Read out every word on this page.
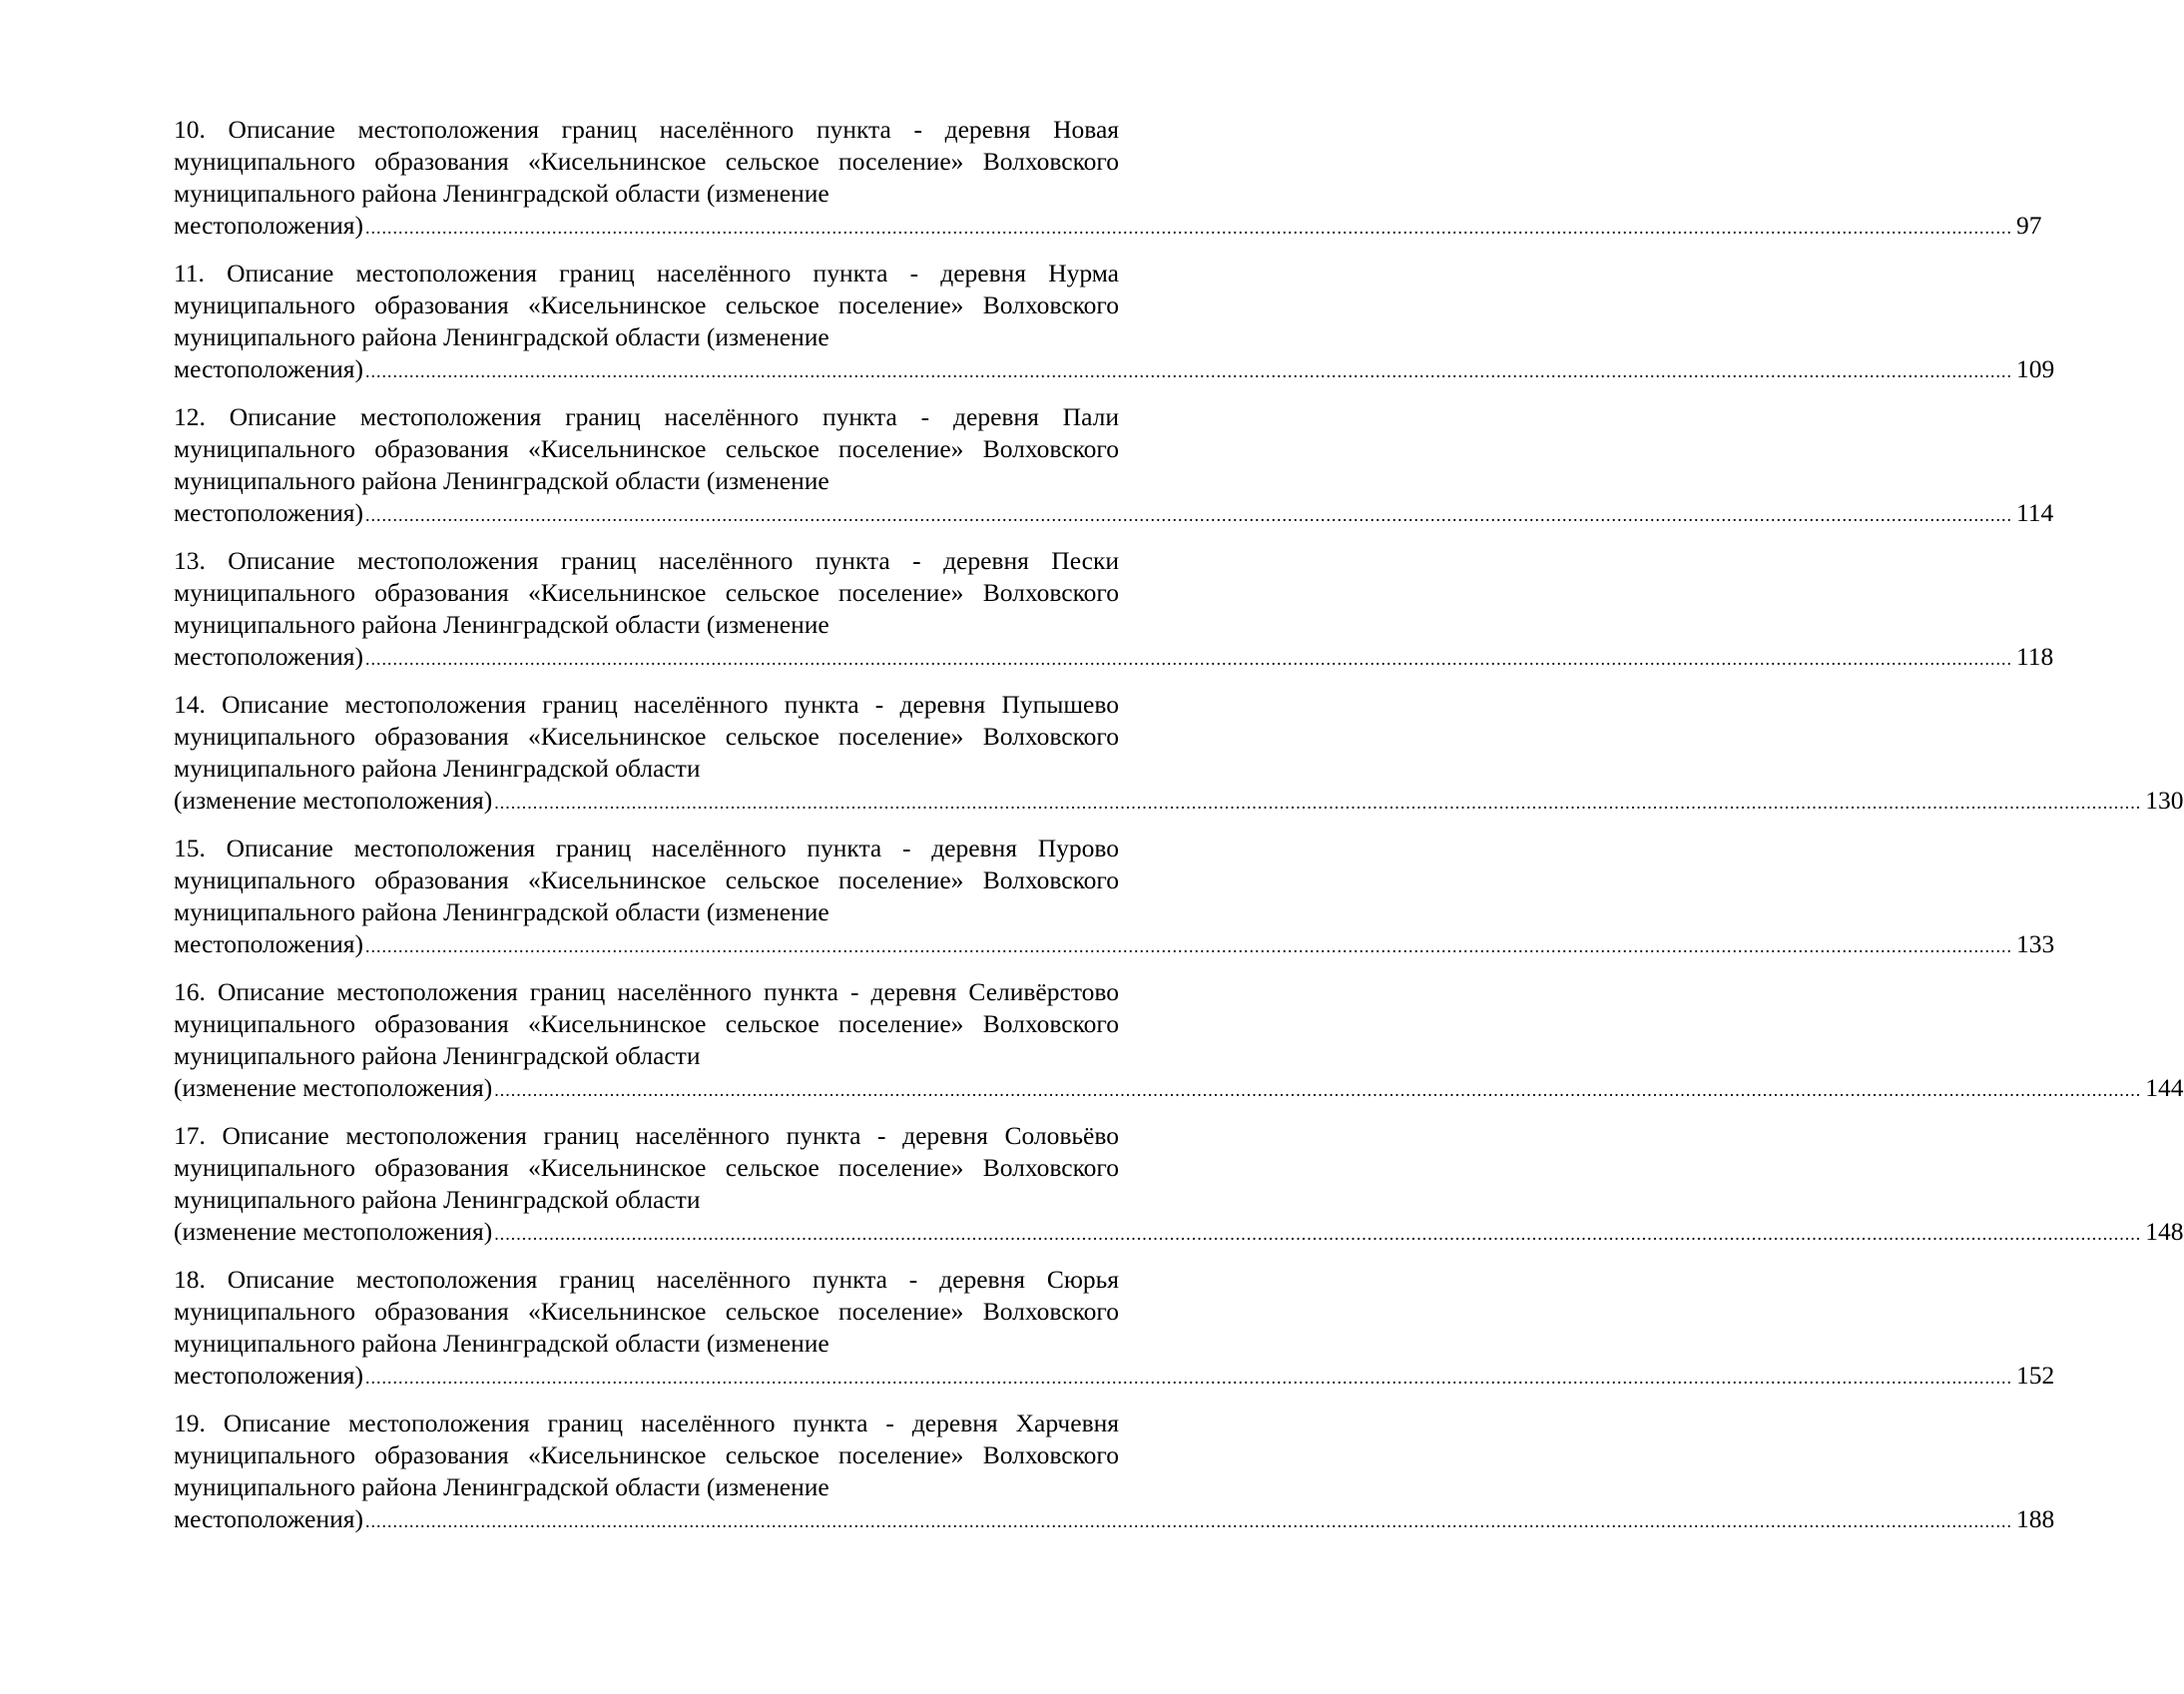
10. Описание местоположения границ населённого пункта - деревня Новая муниципального образования «Кисельнинское сельское поселение» Волховского муниципального района Ленинградской области (изменение
местоположения) ............................................................................................................................................................................................................................................................................................................ 97
11. Описание местоположения границ населённого пункта - деревня Нурма муниципального образования «Кисельнинское сельское поселение» Волховского муниципального района Ленинградской области (изменение
местоположения) ............................................................................................................................................................................................................................................................................................................ 109
12. Описание местоположения границ населённого пункта - деревня Пали муниципального образования «Кисельнинское сельское поселение» Волховского муниципального района Ленинградской области (изменение
местоположения) ............................................................................................................................................................................................................................................................................................................ 114
13. Описание местоположения границ населённого пункта - деревня Пески муниципального образования «Кисельнинское сельское поселение» Волховского муниципального района Ленинградской области (изменение
местоположения) ............................................................................................................................................................................................................................................................................................................ 118
14. Описание местоположения границ населённого пункта - деревня Пупышево муниципального образования «Кисельнинское сельское поселение» Волховского муниципального района Ленинградской области
(изменение местоположения) ............................................................................................................................................................................................................................................................................................................ 130
15. Описание местоположения границ населённого пункта - деревня Пурово муниципального образования «Кисельнинское сельское поселение» Волховского муниципального района Ленинградской области (изменение
местоположения) ............................................................................................................................................................................................................................................................................................................ 133
16. Описание местоположения границ населённого пункта - деревня Селивёрстово муниципального образования «Кисельнинское сельское поселение» Волховского муниципального района Ленинградской области
(изменение местоположения) ............................................................................................................................................................................................................................................................................................................ 144
17. Описание местоположения границ населённого пункта - деревня Соловьёво муниципального образования «Кисельнинское сельское поселение» Волховского муниципального района Ленинградской области
(изменение местоположения) ............................................................................................................................................................................................................................................................................................................ 148
18. Описание местоположения границ населённого пункта - деревня Сюрья муниципального образования «Кисельнинское сельское поселение» Волховского муниципального района Ленинградской области (изменение
местоположения) ............................................................................................................................................................................................................................................................................................................ 152
19. Описание местоположения границ населённого пункта - деревня Харчевня муниципального образования «Кисельнинское сельское поселение» Волховского муниципального района Ленинградской области (изменение
местоположения) ............................................................................................................................................................................................................................................................................................................ 188
